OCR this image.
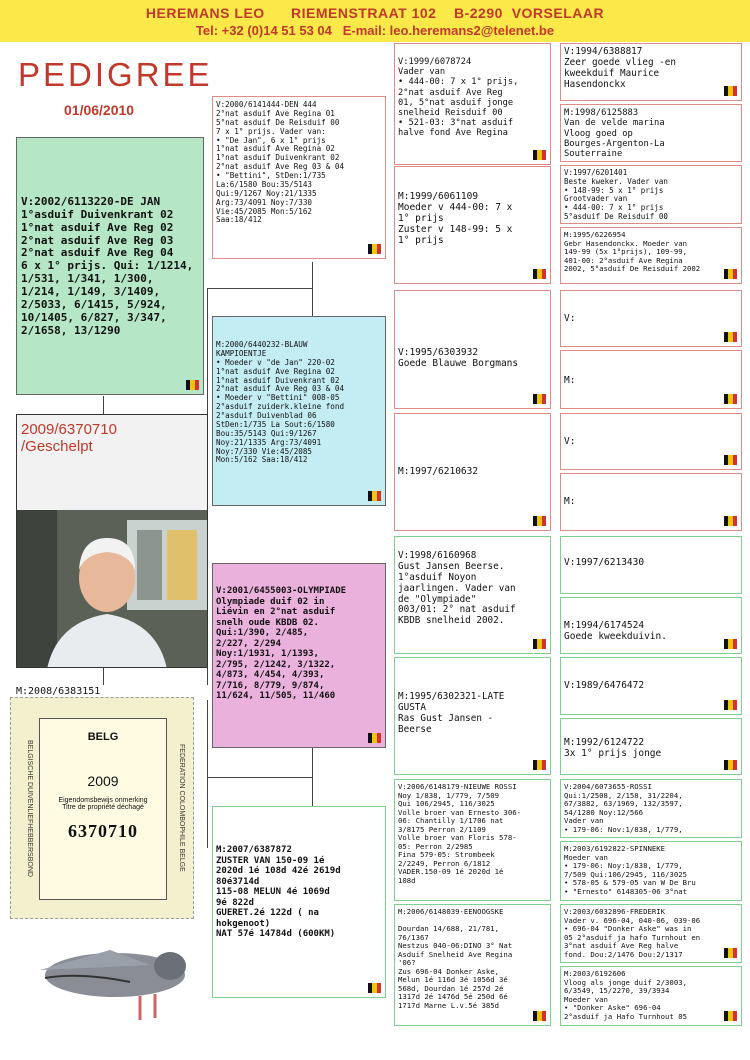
HEREMANS LEO      RIEMENSTRAAT 102    B-2290  VORSELAAR
Tel: +32 (0)14 51 53 04   E-mail: leo.heremans2@telenet.be
PEDIGREE
01/06/2010
V:2002/6113220-DE JAN
1°asduif Duivenkrant 02
1°nat asduif Ave Reg 02
2°nat asduif Ave Reg 03
2°nat asduif Ave Reg 04
6 x 1° prijs. Qui: 1/1214,
1/531, 1/341, 1/300,
1/214, 1/149, 3/1409,
2/5033, 6/1415, 5/924,
10/1405, 6/827, 3/347,
2/1658, 13/1290
2009/6370710
/Geschelpt
M:2008/6383151
BELGISCHE DUIVENLIEFHEBBERSBOND	FEDERATION COLOMBOPHILE BELGE
BELG
2009
Eigendomsbewijs onmerking
Titre de propriété déchagé
6370710
V:2000/6141444-DEN 444
2°nat asduif Ave Regina 01
5°nat asduif De Reisduif 00
7 x 1° prijs. Vader van:
• "De Jan", 6 x 1° prijs
1°nat asduif Ave Regina 02
1°nat asduif Duivenkrant 02
2°nat asduif Ave Reg 03 & 04
• "Bettini", StDen:1/735
La:6/1580 Bou:35/5143
Qui:9/1267 Noy:21/1335
Arg:73/4091 Noy:7/330
Vie:45/2085 Mon:5/162
Saa:18/412
M:2000/6440232-BLAUW
KAMPIOENTJE
• Moeder v "de Jan" 220-02
1°nat asduif Ave Regina 02
1°nat asduif Duivenkrant 02
2°nat asduif Ave Reg 03 & 04
• Moeder v "Bettini" 008-05
2°asduif zuiderk.kleine fond
2°asduif Duivenblad 06
StDen:1/735 La Sout:6/1580
Bou:35/5143 Qui:9/1267
Noy:21/1335 Arg:73/4091
Noy:7/330 Vie:45/2085
Mon:5/162 Saa:18/412
V:2001/6455003-OLYMPIADE
Olympiade duif 02 in
Liévin en 2°nat asduif
snelh oude KBDB 02.
Qui:1/390, 2/485,
2/227, 2/294
Noy:1/1931, 1/1393,
2/795, 2/1242, 3/1322,
4/873, 4/454, 4/393,
7/716, 8/779, 9/874,
11/624, 11/505, 11/460
M:2007/6387872
ZUSTER VAN 150-09 1é
2020d 1é 108d 42é 2619d
80é3714d
115-08 MELUN 4é 1069d
9é 822d
GUERET.2é 122d ( na
hokgenoot)
NAT 57é 14784d (600KM)
V:1999/6078724
Vader van
• 444-00: 7 x 1° prijs,
2°nat asduif Ave Reg
01, 5°nat asduif jonge
snelheid Reisduif 00
• 521-03: 3°nat asduif
halve fond Ave Regina
M:1999/6061109
Moeder v 444-00: 7 x
1° prijs
Zuster v 148-99: 5 x
1° prijs
V:1995/6303932
Goede Blauwe Borgmans
M:1997/6210632
V:1998/6160968
Gust Jansen Beerse.
1°asduif Noyon
jaarlingen. Vader van
de "Olympiade"
003/01: 2° nat asduif
KBDB snelheid 2002.
M:1995/6302321-LATE
GUSTA
Ras Gust Jansen -
Beerse
V:2006/6148179-NIEUWE ROSSI
Noy 1/838, 1/779, 7/509
Qui 106/2945, 116/3025
Volle broer van Ernesto 306-
06: Chantilly 1/1706 nat
3/8175 Perron 2/1109
Volle broer van Floris 578-
05: Perron 2/2985
Fina 579-05: Strombeek
2/2249, Perron 6/1812
VADER.150-09 1é 2020d 1é
108d
M:2006/6148039-EENOOGSKE

Dourdan 14/688, 21/781,
76/1367
Nestzus 040-06:DINO 3° Nat
Asduif Snelheid Ave Regina
'06?
Zus 696-04 Donker Aske,
Melun 1é 116d 3é 1056d 3é
568d, Dourdan 1é 257d 2é
1317d 2é 1476d 5é 250d 6é
1717d Marne L.v.5é 385d
V:1994/6388817
Zeer goede vlieg -en
kweekduif Maurice
Hasendonckx
M:1998/6125883
Van de velde marina
Vloog goed op
Bourges-Argenton-La
Souterraine
V:1997/6201401
Beste kweker. Vader van
• 148-99: 5 x 1° prijs
Grootvader van
• 444-00: 7 x 1° prijs
5°asduif De Reisduif 00
M:1995/6226954
Gebr Hasendonckx. Moeder van
149-99 (5x 1°prijs), 109-99,
401-00: 2°asduif Ave Regina
2002, 5°asduif De Reisduif 2002
V:
M:
V:
M:
V:1997/6213430
M:1994/6174524
Goede kweekduivin.
V:1989/6476472
M:1992/6124722
3x 1° prijs jonge
V:2004/6073655-ROSSI
Qui:1/2508, 2/158, 31/2204,
67/3882, 63/1969, 132/3597,
54/1280 Noy:12/566
Vader van
• 179-06: Nov:1/838, 1/779,
M:2003/6192822-SPINNEKE
Moeder van
• 179-06: Noy:1/838, 1/779,
7/509 Qui:106/2945, 116/3025
• 578-05 & 579-05 van W De Bru
• "Ernesto" 6148305-06 3°nat
V:2003/6032896-FREDERIK
Vader v. 696-04, 040-06, 039-06
• 696-04 "Donker Aske" was in
05 2°asduif ja hafo Turnhout en
3°nat asduif Ave Reg halve
fond. Dou:2/1476 Dou:2/1317
M:2003/6192606
Vloog als jonge duif 2/3003,
6/3549, 15/2270, 39/3934
Moeder van
• "Donker Aske" 696-04
2°asduif ja Hafo Turnhout 05
